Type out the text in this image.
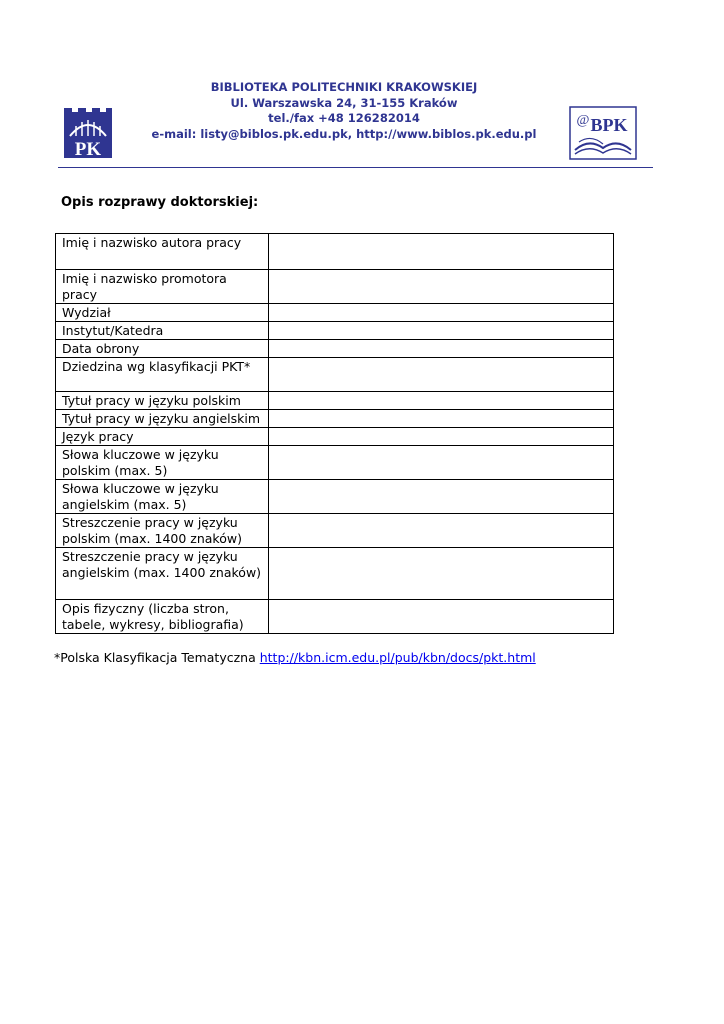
BIBLIOTEKA POLITECHNIKI KRAKOWSKIEJ
Ul. Warszawska 24, 31-155 Kraków
tel./fax +48 126282014
e-mail: listy@biblos.pk.edu.pk, http://www.biblos.pk.edu.pl
PK
@ BPK
Opis rozprawy doktorskiej:
Imię i nazwisko autora pracy	
Imię i nazwisko promotora pracy	
Wydział	
Instytut/Katedra	
Data obrony	
Dziedzina wg klasyfikacji PKT*	
Tytuł pracy w języku polskim	
Tytuł pracy w języku angielskim	
Język pracy	
Słowa kluczowe w języku polskim (max. 5)	
Słowa kluczowe w języku angielskim (max. 5)	
Streszczenie pracy w języku polskim (max. 1400 znaków)	
Streszczenie pracy w języku angielskim (max. 1400 znaków)	
Opis fizyczny (liczba stron, tabele, wykresy, bibliografia)	
*Polska Klasyfikacja Tematyczna http://kbn.icm.edu.pl/pub/kbn/docs/pkt.html
